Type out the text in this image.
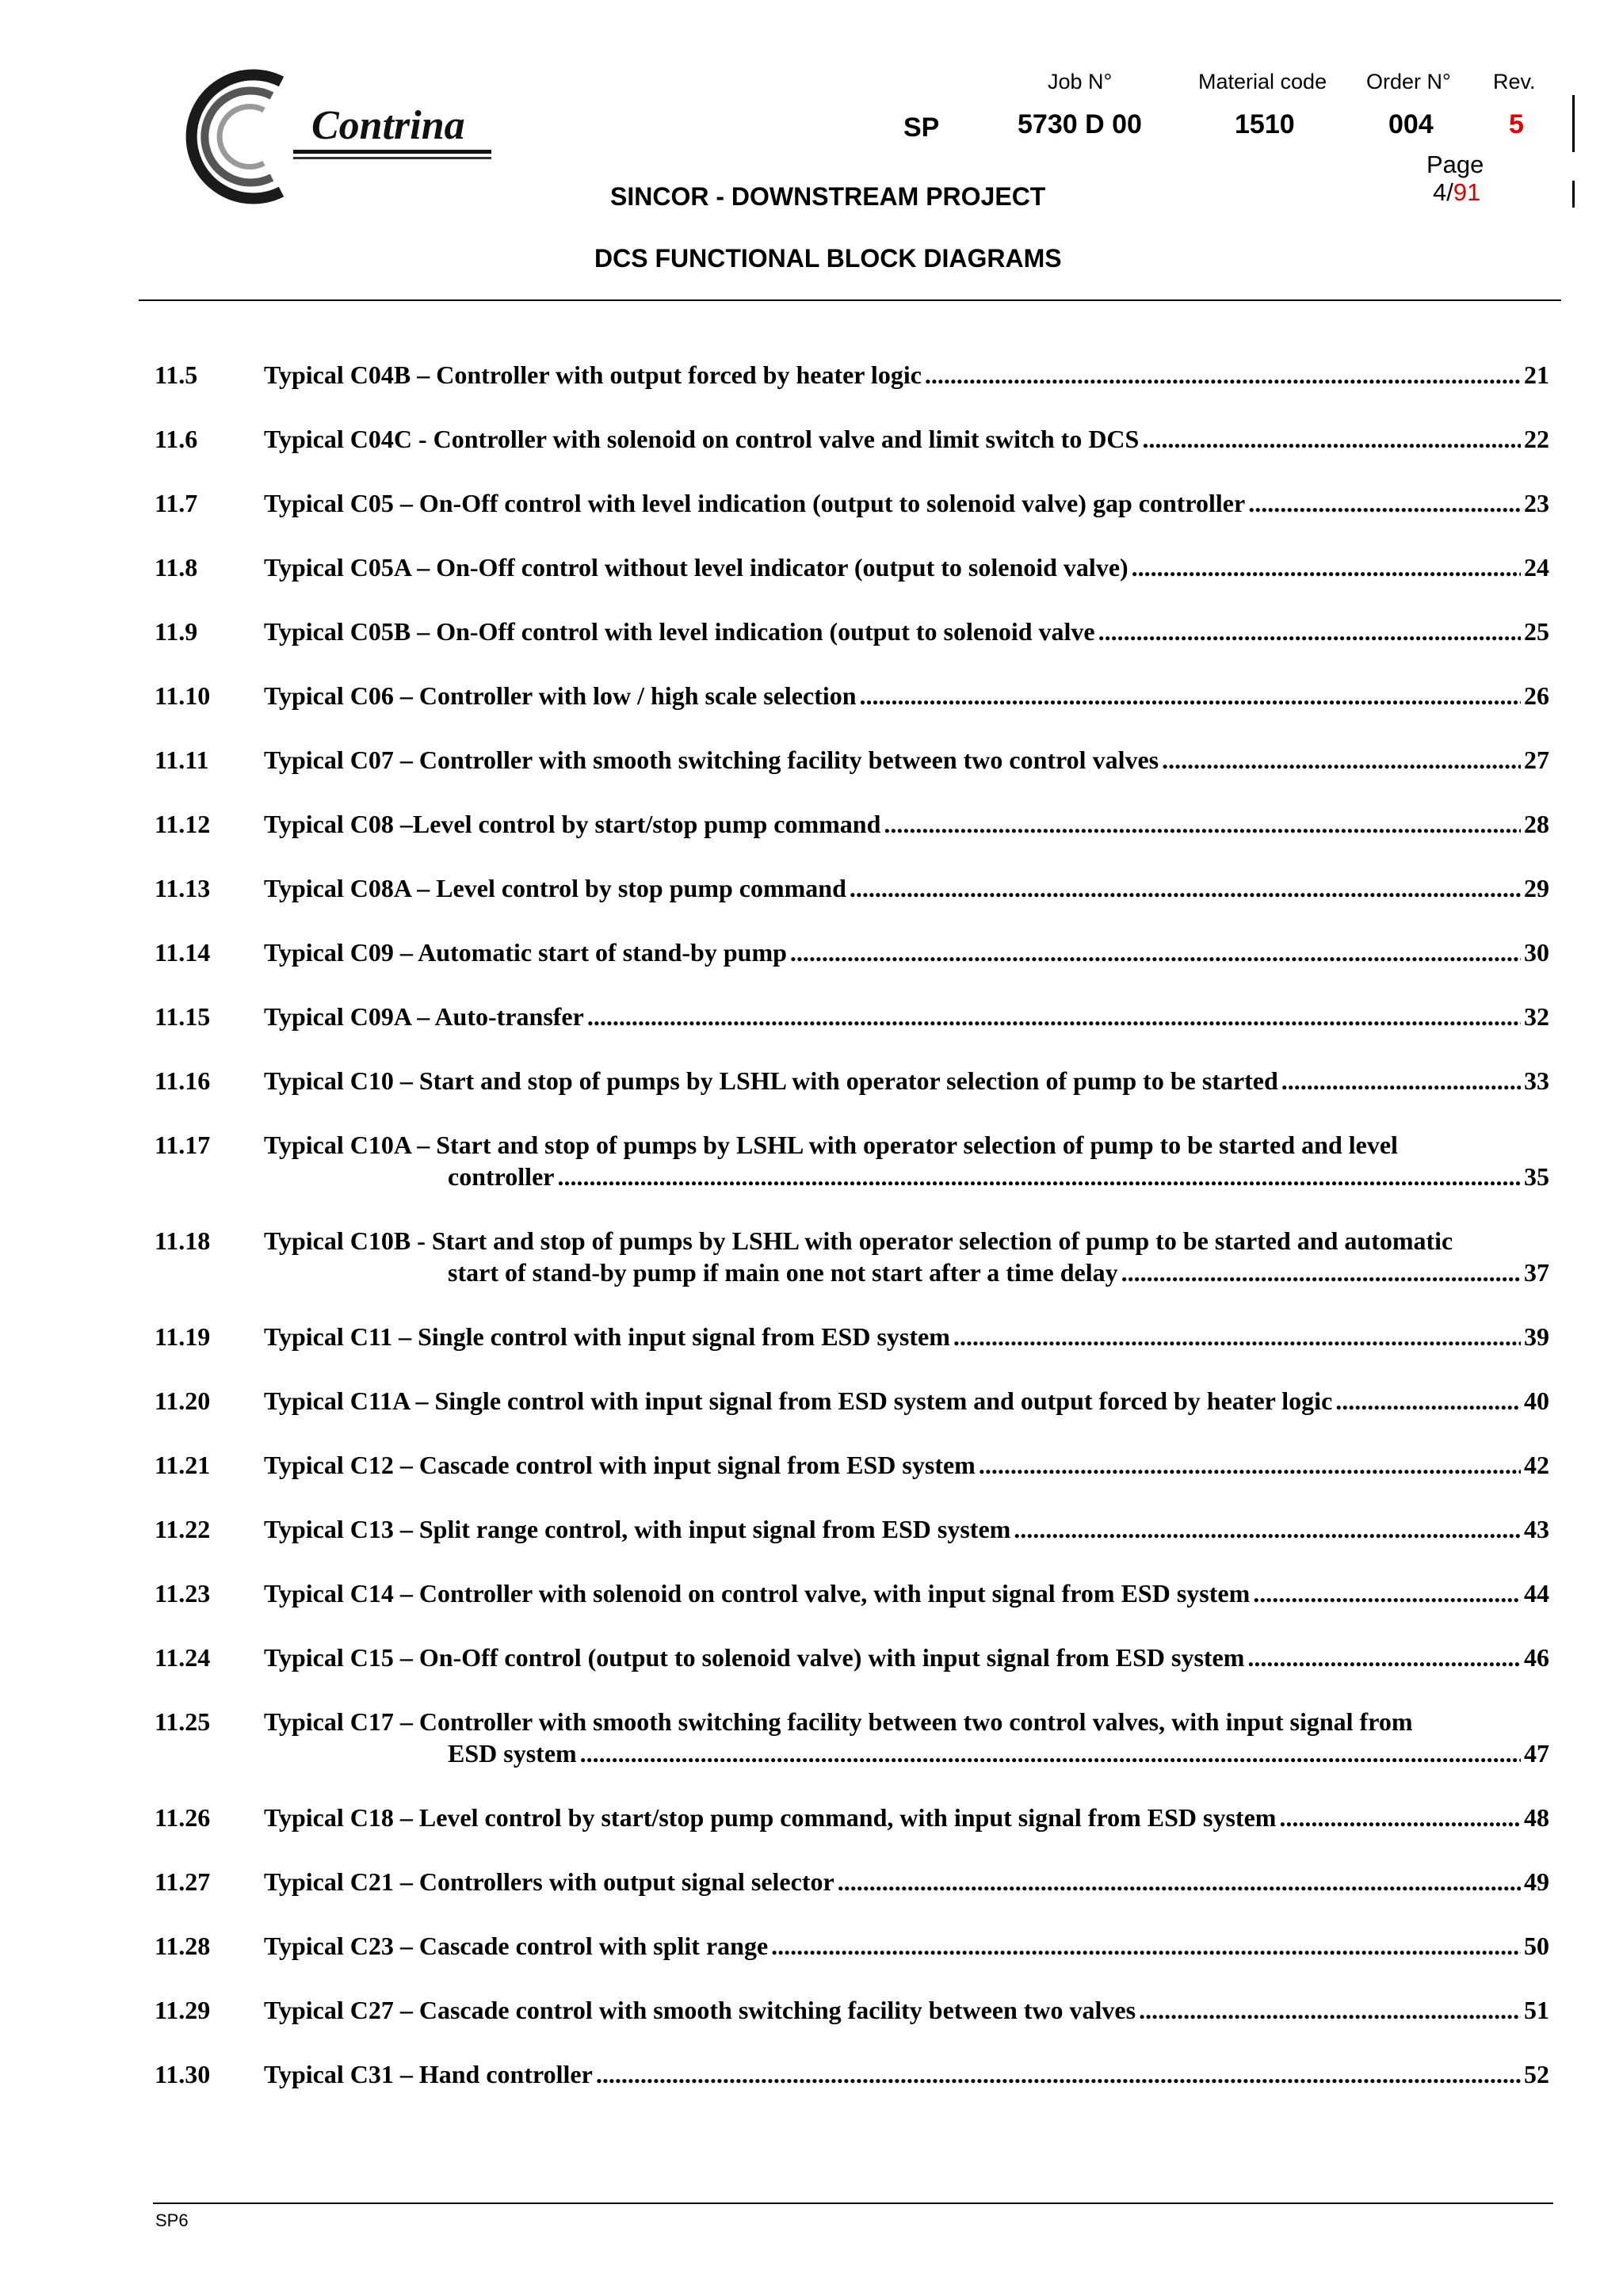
Contrina
Job N°	Material code Order N° Rev.
SP	5730 D 00	1510	004	5
Page
4/91
SINCOR - DOWNSTREAM PROJECT
DCS FUNCTIONAL BLOCK DIAGRAMS
11.5	Typical C04B – Controller with output forced by heater logic . . .	21
11.6	Typical C04C - Controller with solenoid on control valve and limit switch to DCS . . .	22
11.7	Typical C05 – On-Off control with level indication (output to solenoid valve) gap controller . . .	23
11.8	Typical C05A – On-Off control without level indicator (output to solenoid valve) . . .	24
11.9	Typical C05B – On-Off control with level indication (output to solenoid valve . . .	25
11.10 Typical C06 – Controller with low / high scale selection . . .	26
11.11 Typical C07 – Controller with smooth switching facility between two control valves . . .	27
11.12 Typical C08 –Level control by start/stop pump command . . .	28
11.13 Typical C08A – Level control by stop pump command . . .	29
11.14 Typical C09 – Automatic start of stand-by pump . . .	30
11.15 Typical C09A – Auto-transfer . . .	32
11.16 Typical C10 – Start and stop of pumps by LSHL with operator selection of pump to be started . . .	33
11.17 Typical C10A – Start and stop of pumps by LSHL with operator selection of pump to be started and level
controller . . .	35
11.18 Typical C10B - Start and stop of pumps by LSHL with operator selection of pump to be started and automatic
start of stand-by pump if main one not start after a time delay . . .	37
11.19 Typical C11 – Single control with input signal from ESD system . . .	39
11.20 Typical C11A – Single control with input signal from ESD system and output forced by heater logic . . .	40
11.21 Typical C12 – Cascade control with input signal from ESD system . . .	42
11.22 Typical C13 – Split range control, with input signal from ESD system . . .	43
11.23 Typical C14 – Controller with solenoid on control valve, with input signal from ESD system . . .	44
11.24 Typical C15 – On-Off control (output to solenoid valve) with input signal from ESD system . . .	46
11.25 Typical C17 – Controller with smooth switching facility between two control valves, with input signal from
ESD system . . .	47
11.26 Typical C18 – Level control by start/stop pump command, with input signal from ESD system . . .	48
11.27 Typical C21 – Controllers with output signal selector . . .	49
11.28 Typical C23 – Cascade control with split range . . .	50
11.29 Typical C27 – Cascade control with smooth switching facility between two valves . . .	51
11.30 Typical C31 – Hand controller . . .	52
SP6
